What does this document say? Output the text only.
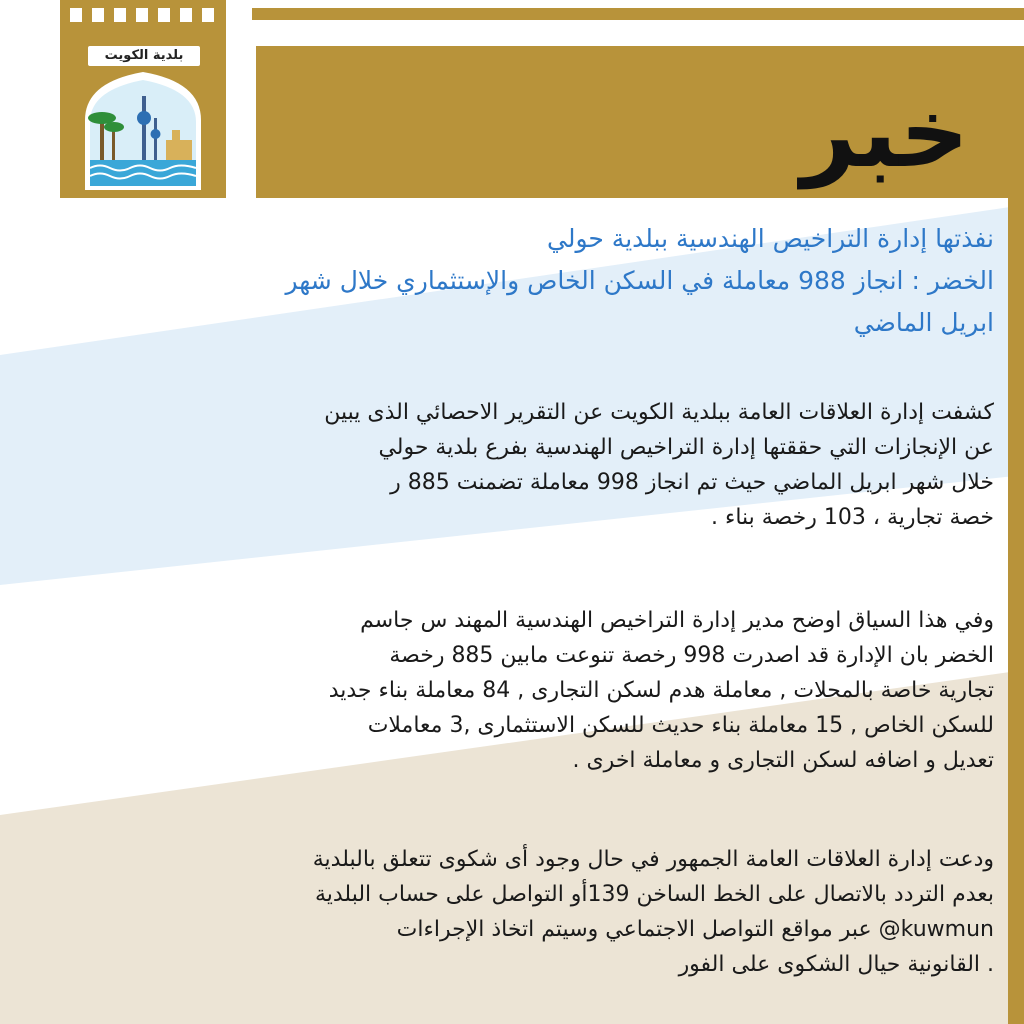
بلدية الكويت
خبر
نفذتها إدارة التراخيص الهندسية ببلدية حولي
الخضر : انجاز 988 معاملة في السكن الخاص والإستثماري خلال شهر
ابريل الماضي
كشفت إدارة العلاقات العامة ببلدية الكويت عن التقرير الاحصائي الذى يبين
عن الإنجازات التي حققتها إدارة التراخيص الهندسية بفرع بلدية حولي
خلال شهر ابريل الماضي حيث تم انجاز 998 معاملة تضمنت 885 ر
خصة تجارية ، 103 رخصة بناء .
وفي هذا السياق اوضح مدير إدارة التراخيص الهندسية المهند س جاسم
الخضر بان الإدارة قد اصدرت 998 رخصة تنوعت مابين 885 رخصة
تجارية خاصة بالمحلات , معاملة هدم لسكن التجارى , 84 معاملة بناء جديد
للسكن الخاص , 15 معاملة بناء حديث للسكن الاستثمارى ,3 معاملات
تعديل و اضافه لسكن التجارى و معاملة اخرى .
ودعت إدارة العلاقات العامة الجمهور في حال وجود أى شكوى تتعلق بالبلدية
بعدم التردد بالاتصال على الخط الساخن 139أو التواصل على حساب البلدية
kuwmun@ عبر مواقع التواصل الاجتماعي وسيتم اتخاذ الإجراءات
. القانونية حيال الشكوى على الفور
